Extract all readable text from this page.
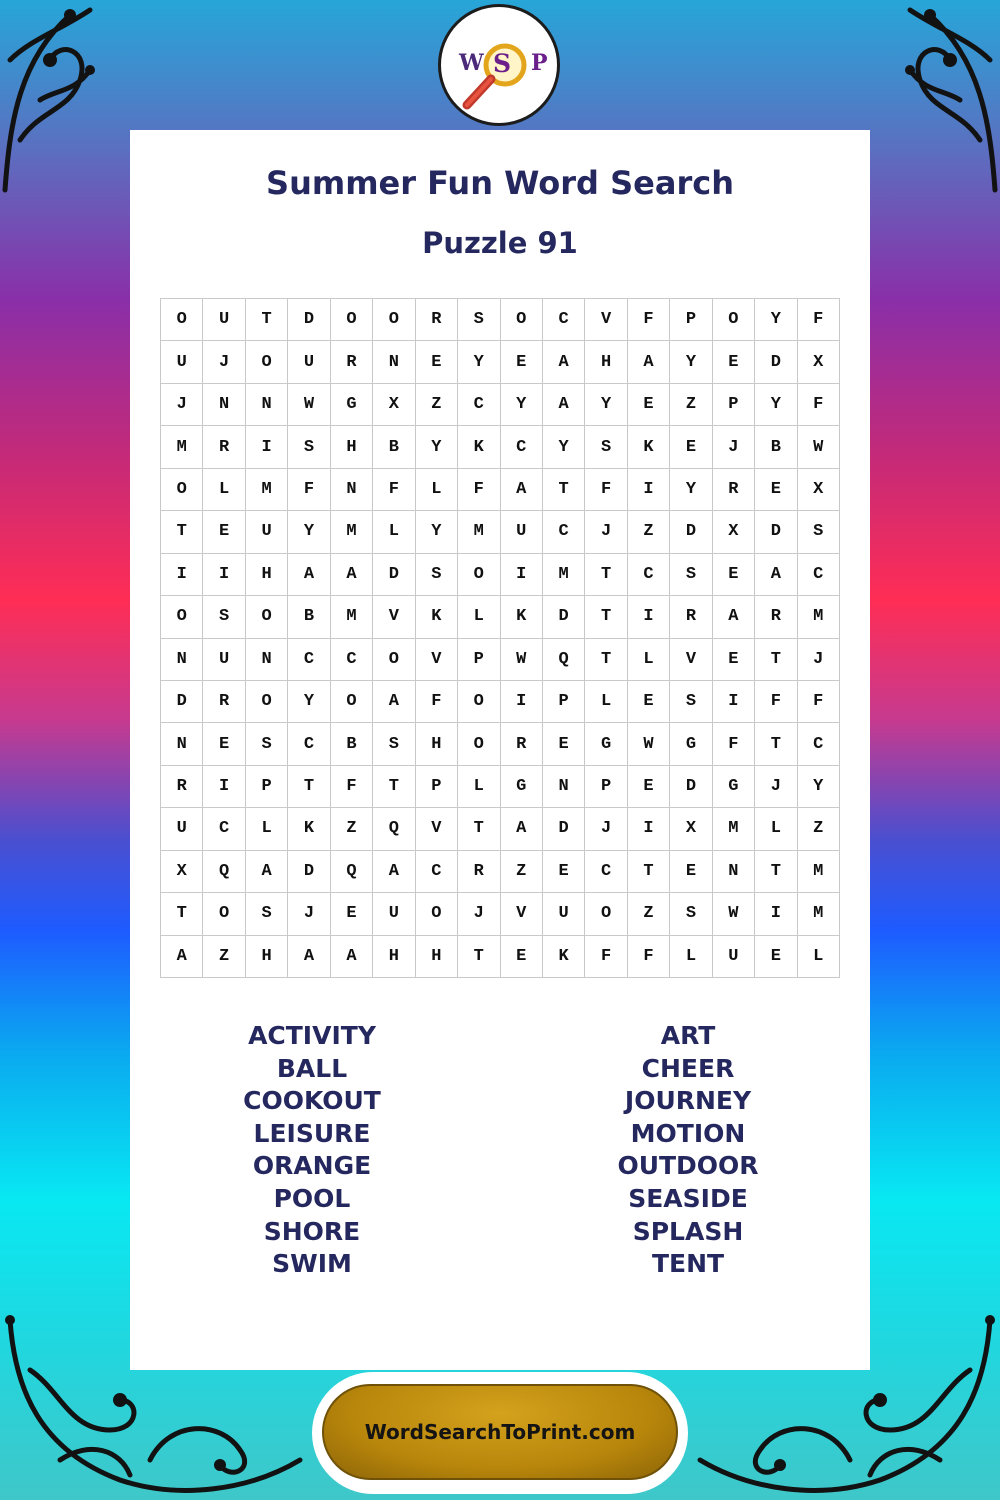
W S P
Summer Fun Word Search
Puzzle 91
O	U	T	D	O	O	R	S	O	C	V	F	P	O	Y	F
U	J	O	U	R	N	E	Y	E	A	H	A	Y	E	D	X
J	N	N	W	G	X	Z	C	Y	A	Y	E	Z	P	Y	F
M	R	I	S	H	B	Y	K	C	Y	S	K	E	J	B	W
O	L	M	F	N	F	L	F	A	T	F	I	Y	R	E	X
T	E	U	Y	M	L	Y	M	U	C	J	Z	D	X	D	S
I	I	H	A	A	D	S	O	I	M	T	C	S	E	A	C
O	S	O	B	M	V	K	L	K	D	T	I	R	A	R	M
N	U	N	C	C	O	V	P	W	Q	T	L	V	E	T	J
D	R	O	Y	O	A	F	O	I	P	L	E	S	I	F	F
N	E	S	C	B	S	H	O	R	E	G	W	G	F	T	C
R	I	P	T	F	T	P	L	G	N	P	E	D	G	J	Y
U	C	L	K	Z	Q	V	T	A	D	J	I	X	M	L	Z
X	Q	A	D	Q	A	C	R	Z	E	C	T	E	N	T	M
T	O	S	J	E	U	O	J	V	U	O	Z	S	W	I	M
A	Z	H	A	A	H	H	T	E	K	F	F	L	U	E	L
ACTIVITY
BALL
COOKOUT
LEISURE
ORANGE
POOL
SHORE
SWIM
ART
CHEER
JOURNEY
MOTION
OUTDOOR
SEASIDE
SPLASH
TENT
WordSearchToPrint.com
